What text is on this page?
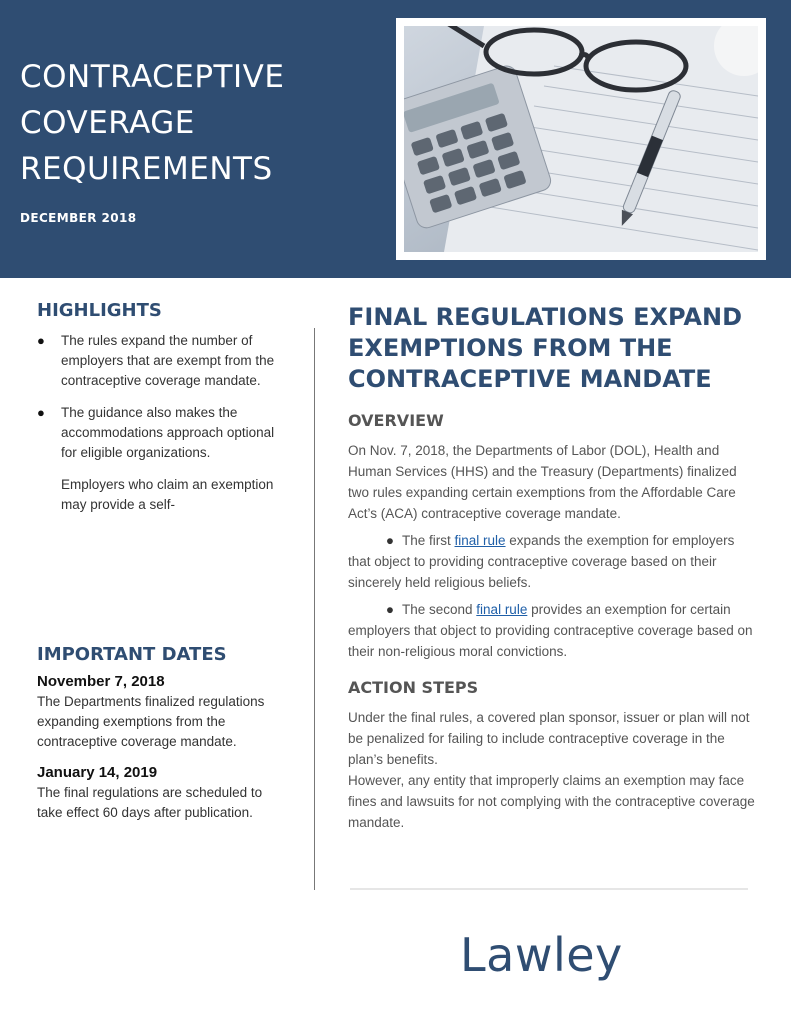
CONTRACEPTIVE
COVERAGE
REQUIREMENTS
DECEMBER 2018
HIGHLIGHTS
● The rules expand the number of employers that are exempt from the contraceptive coverage mandate.
● The guidance also makes the accommodations approach optional for eligible organizations.

Employers who claim an exemption may provide a self-

IMPORTANT DATES
November 7, 2018

The Departments finalized regulations expanding exemptions from the contraceptive coverage mandate.

January 14, 2019

The final regulations are scheduled to take effect 60 days after publication.

FINAL REGULATIONS EXPAND EXEMPTIONS FROM THE CONTRACEPTIVE MANDATE
OVERVIEW

On Nov. 7, 2018, the Departments of Labor (DOL), Health and Human Services (HHS) and the Treasury (Departments) finalized two rules expanding certain exemptions from the Affordable Care Act’s (ACA) contraceptive coverage mandate.

● The first final rule expands the exemption for employers that object to providing contraceptive coverage based on their sincerely held religious beliefs.

● The second final rule provides an exemption for certain employers that object to providing contraceptive coverage based on their non-religious moral convictions.

ACTION STEPS

Under the final rules, a covered plan sponsor, issuer or plan will not be penalized for failing to include contraceptive coverage in the plan’s benefits.

However, any entity that improperly claims an exemption may face fines and lawsuits for not complying with the contraceptive coverage mandate.

Lawley
